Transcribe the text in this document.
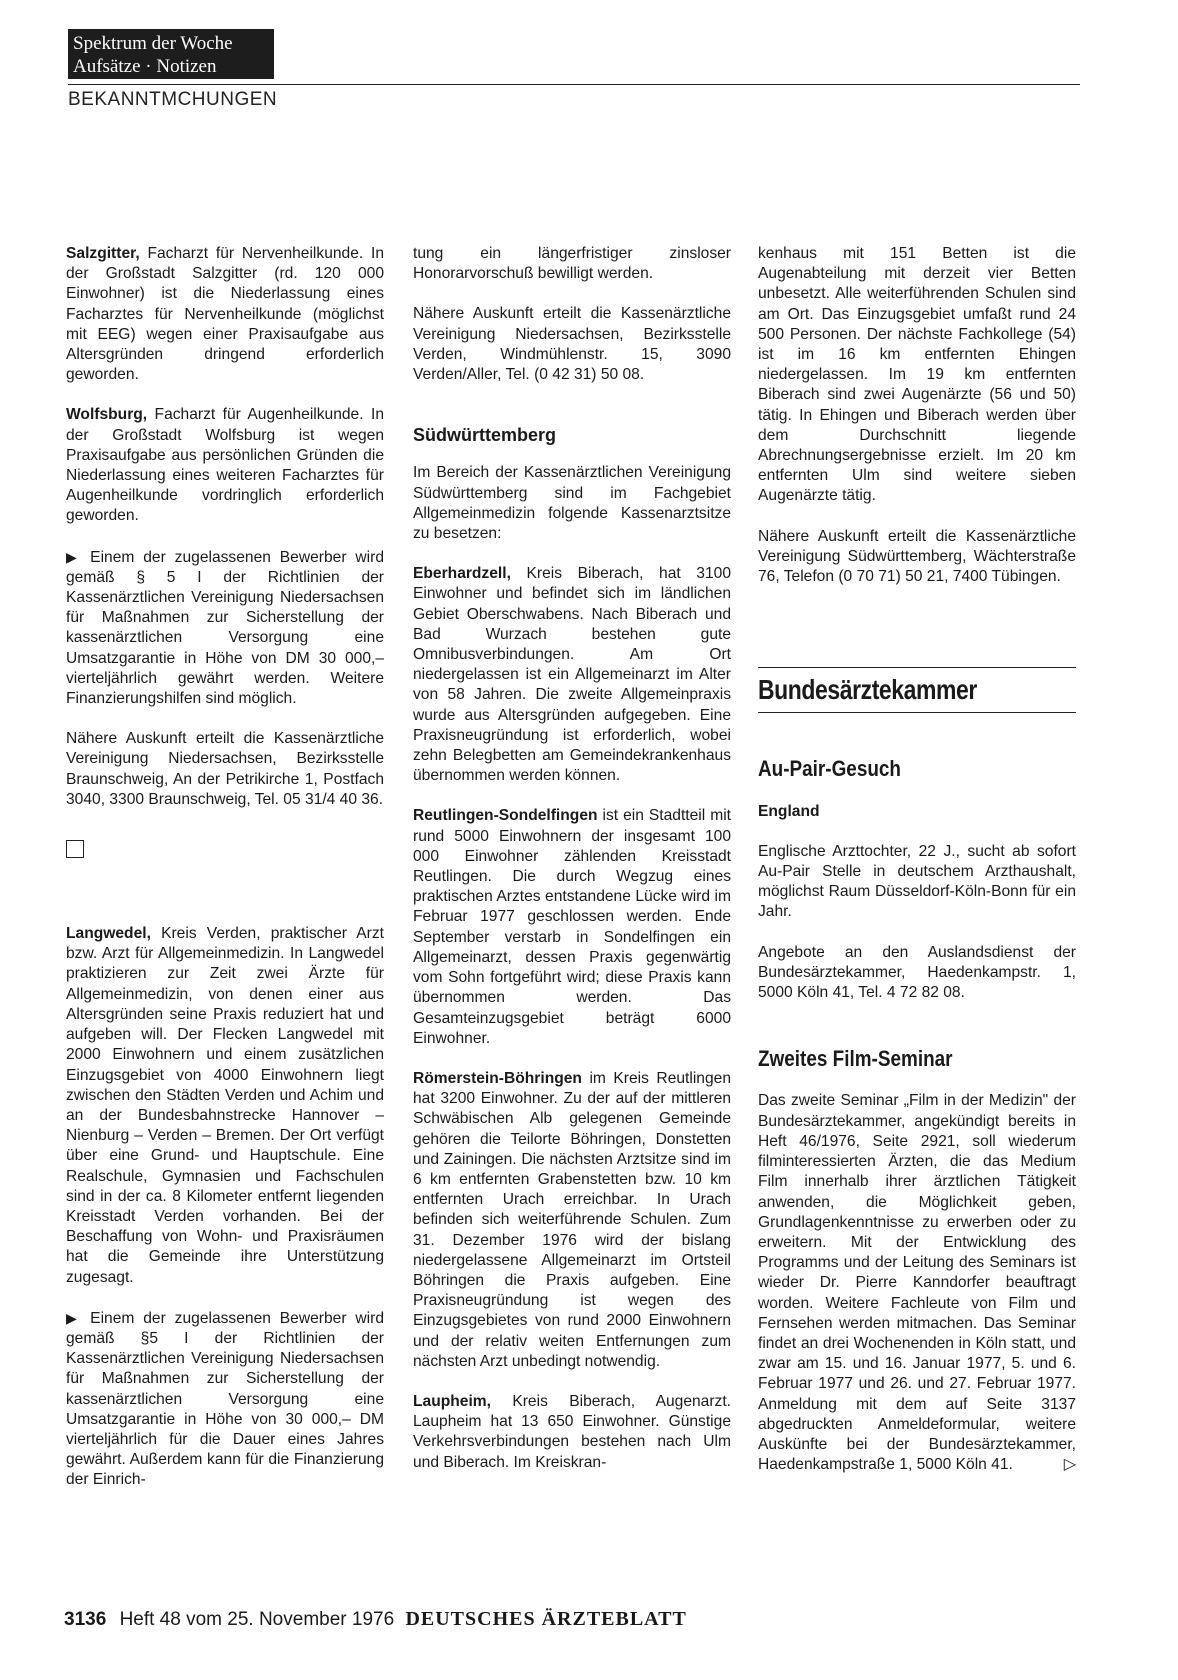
Spektrum der Woche
Aufsätze · Notizen
BEKANNTMCHUNGEN

Salzgitter, Facharzt für Nervenheilkunde. In der Großstadt Salzgitter (rd. 120 000 Einwohner) ist die Niederlassung eines Facharztes für Nervenheilkunde (möglichst mit EEG) wegen einer Praxisaufgabe aus Altersgründen dringend erforderlich geworden.

Wolfsburg, Facharzt für Augenheilkunde. In der Großstadt Wolfsburg ist wegen Praxisaufgabe aus persönlichen Gründen die Niederlassung eines weiteren Facharztes für Augenheilkunde vordringlich erforderlich geworden.

▶ Einem der zugelassenen Bewerber wird gemäß § 5 I der Richtlinien der Kassenärztlichen Vereinigung Niedersachsen für Maßnahmen zur Sicherstellung der kassenärztlichen Versorgung eine Umsatzgarantie in Höhe von DM 30 000,– vierteljährlich gewährt werden. Weitere Finanzierungshilfen sind möglich.

Nähere Auskunft erteilt die Kassenärztliche Vereinigung Niedersachsen, Bezirksstelle Braunschweig, An der Petrikirche 1, Postfach 3040, 3300 Braunschweig, Tel. 05 31/4 40 36.

Langwedel, Kreis Verden, praktischer Arzt bzw. Arzt für Allgemeinmedizin. In Langwedel praktizieren zur Zeit zwei Ärzte für Allgemeinmedizin, von denen einer aus Altersgründen seine Praxis reduziert hat und aufgeben will. Der Flecken Langwedel mit 2000 Einwohnern und einem zusätzlichen Einzugsgebiet von 4000 Einwohnern liegt zwischen den Städten Verden und Achim und an der Bundesbahnstrecke Hannover – Nienburg – Verden – Bremen. Der Ort verfügt über eine Grund- und Hauptschule. Eine Realschule, Gymnasien und Fachschulen sind in der ca. 8 Kilometer entfernt liegenden Kreisstadt Verden vorhanden. Bei der Beschaffung von Wohn- und Praxisräumen hat die Gemeinde ihre Unterstützung zugesagt.

▶ Einem der zugelassenen Bewerber wird gemäß §5 I der Richtlinien der Kassenärztlichen Vereinigung Niedersachsen für Maßnahmen zur Sicherstellung der kassenärztlichen Versorgung eine Umsatzgarantie in Höhe von 30 000,– DM vierteljährlich für die Dauer eines Jahres gewährt. Außerdem kann für die Finanzierung der Einrich-

tung ein längerfristiger zinsloser Honorarvorschuß bewilligt werden.

Nähere Auskunft erteilt die Kassenärztliche Vereinigung Niedersachsen, Bezirksstelle Verden, Windmühlenstr. 15, 3090 Verden/Aller, Tel. (0 42 31) 50 08.

Südwürttemberg

Im Bereich der Kassenärztlichen Vereinigung Südwürttemberg sind im Fachgebiet Allgemeinmedizin folgende Kassenarztsitze zu besetzen:

Eberhardzell, Kreis Biberach, hat 3100 Einwohner und befindet sich im ländlichen Gebiet Oberschwabens. Nach Biberach und Bad Wurzach bestehen gute Omnibusverbindungen. Am Ort niedergelassen ist ein Allgemeinarzt im Alter von 58 Jahren. Die zweite Allgemeinpraxis wurde aus Altersgründen aufgegeben. Eine Praxisneugründung ist erforderlich, wobei zehn Belegbetten am Gemeindekrankenhaus übernommen werden können.

Reutlingen-Sondelfingen ist ein Stadtteil mit rund 5000 Einwohnern der insgesamt 100 000 Einwohner zählenden Kreisstadt Reutlingen. Die durch Wegzug eines praktischen Arztes entstandene Lücke wird im Februar 1977 geschlossen werden. Ende September verstarb in Sondelfingen ein Allgemeinarzt, dessen Praxis gegenwärtig vom Sohn fortgeführt wird; diese Praxis kann übernommen werden. Das Gesamteinzugsgebiet beträgt 6000 Einwohner.

Römerstein-Böhringen im Kreis Reutlingen hat 3200 Einwohner. Zu der auf der mittleren Schwäbischen Alb gelegenen Gemeinde gehören die Teilorte Böhringen, Donstetten und Zainingen. Die nächsten Arztsitze sind im 6 km entfernten Grabenstetten bzw. 10 km entfernten Urach erreichbar. In Urach befinden sich weiterführende Schulen. Zum 31. Dezember 1976 wird der bislang niedergelassene Allgemeinarzt im Ortsteil Böhringen die Praxis aufgeben. Eine Praxisneugründung ist wegen des Einzugsgebietes von rund 2000 Einwohnern und der relativ weiten Entfernungen zum nächsten Arzt unbedingt notwendig.

Laupheim, Kreis Biberach, Augenarzt. Laupheim hat 13 650 Einwohner. Günstige Verkehrsverbindungen bestehen nach Ulm und Biberach. Im Kreiskran-

kenhaus mit 151 Betten ist die Augenabteilung mit derzeit vier Betten unbesetzt. Alle weiterführenden Schulen sind am Ort. Das Einzugsgebiet umfaßt rund 24 500 Personen. Der nächste Fachkollege (54) ist im 16 km entfernten Ehingen niedergelassen. Im 19 km entfernten Biberach sind zwei Augenärzte (56 und 50) tätig. In Ehingen und Biberach werden über dem Durchschnitt liegende Abrechnungsergebnisse erzielt. Im 20 km entfernten Ulm sind weitere sieben Augenärzte tätig.

Nähere Auskunft erteilt die Kassenärztliche Vereinigung Südwürttemberg, Wächterstraße 76, Telefon (0 70 71) 50 21, 7400 Tübingen.

Bundesärztekammer
Au-Pair-Gesuch
England

Englische Arzttochter, 22 J., sucht ab sofort Au-Pair Stelle in deutschem Arzthaushalt, möglichst Raum Düsseldorf-Köln-Bonn für ein Jahr.

Angebote an den Auslandsdienst der Bundesärztekammer, Haedenkampstr. 1, 5000 Köln 41, Tel. 4 72 82 08.

Zweites Film-Seminar

Das zweite Seminar „Film in der Medizin" der Bundesärztekammer, angekündigt bereits in Heft 46/1976, Seite 2921, soll wiederum filminteressierten Ärzten, die das Medium Film innerhalb ihrer ärztlichen Tätigkeit anwenden, die Möglichkeit geben, Grundlagenkenntnisse zu erwerben oder zu erweitern. Mit der Entwicklung des Programms und der Leitung des Seminars ist wieder Dr. Pierre Kanndorfer beauftragt worden. Weitere Fachleute von Film und Fernsehen werden mitmachen. Das Seminar findet an drei Wochenenden in Köln statt, und zwar am 15. und 16. Januar 1977, 5. und 6. Februar 1977 und 26. und 27. Februar 1977. Anmeldung mit dem auf Seite 3137 abgedruckten Anmeldeformular, weitere Auskünfte bei der Bundesärztekammer, Haedenkampstraße 1, 5000 Köln 41.	▷

3136 Heft 48 vom 25. November 1976 DEUTSCHES ÄRZTEBLATT
